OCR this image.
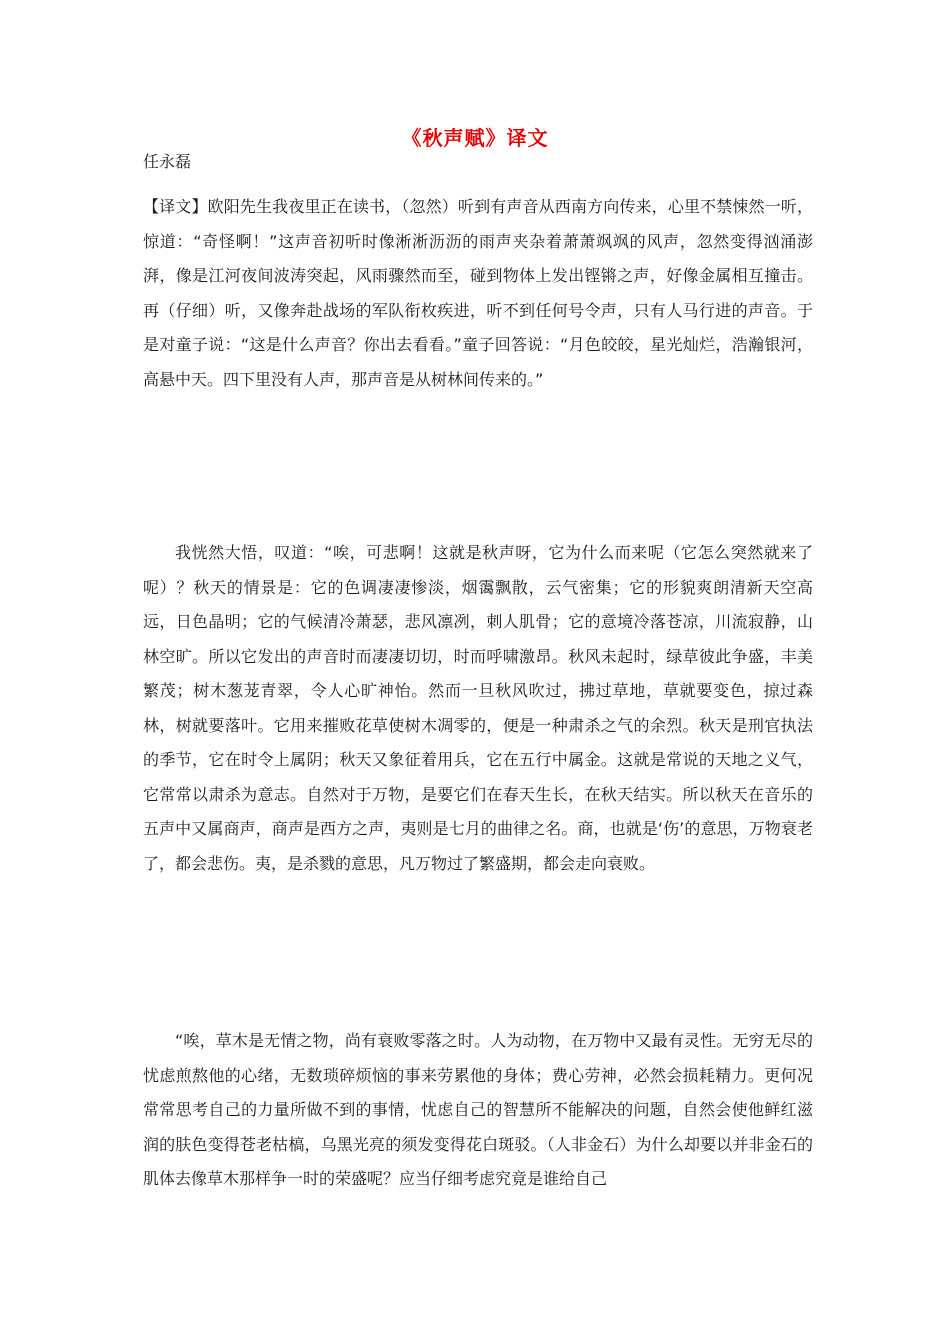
《秋声赋》译文
任永磊

【译文】欧阳先生我夜里正在读书，（忽然）听到有声音从西南方向传来，心里不禁悚然一听，惊道：“奇怪啊！”这声音初听时像淅淅沥沥的雨声夹杂着萧萧飒飒的风声，忽然变得汹涌澎湃，像是江河夜间波涛突起，风雨骤然而至，碰到物体上发出铿锵之声，好像金属相互撞击。再（仔细）听，又像奔赴战场的军队衔枚疾进，听不到任何号令声，只有人马行进的声音。于是对童子说：“这是什么声音？你出去看看。”童子回答说：“月色皎皎，星光灿烂，浩瀚银河，高悬中天。四下里没有人声，那声音是从树林间传来的。”

我恍然大悟，叹道：“唉，可悲啊！这就是秋声呀，它为什么而来呢（它怎么突然就来了呢）？秋天的情景是：它的色调凄凄惨淡，烟霭飘散，云气密集；它的形貌爽朗清新天空高远，日色晶明；它的气候清冷萧瑟，悲风凛冽，刺人肌骨；它的意境冷落苍凉，川流寂静，山林空旷。所以它发出的声音时而凄凄切切，时而呼啸激昂。秋风未起时，绿草彼此争盛，丰美繁茂；树木葱茏青翠，令人心旷神怡。然而一旦秋风吹过，拂过草地，草就要变色，掠过森林，树就要落叶。它用来摧败花草使树木凋零的，便是一种肃杀之气的余烈。秋天是刑官执法的季节，它在时令上属阴；秋天又象征着用兵，它在五行中属金。这就是常说的天地之义气，它常常以肃杀为意志。自然对于万物，是要它们在春天生长，在秋天结实。所以秋天在音乐的五声中又属商声，商声是西方之声，夷则是七月的曲律之名。商，也就是‘伤’的意思，万物衰老了，都会悲伤。夷，是杀戮的意思，凡万物过了繁盛期，都会走向衰败。

“唉，草木是无情之物，尚有衰败零落之时。人为动物，在万物中又最有灵性。无穷无尽的忧虑煎熬他的心绪，无数琐碎烦恼的事来劳累他的身体；费心劳神，必然会损耗精力。更何况常常思考自己的力量所做不到的事情，忧虑自己的智慧所不能解决的问题，自然会使他鲜红滋润的肤色变得苍老枯槁，乌黑光亮的须发变得花白斑驳。（人非金石）为什么却要以并非金石的肌体去像草木那样争一时的荣盛呢？应当仔细考虑究竟是谁给自己
